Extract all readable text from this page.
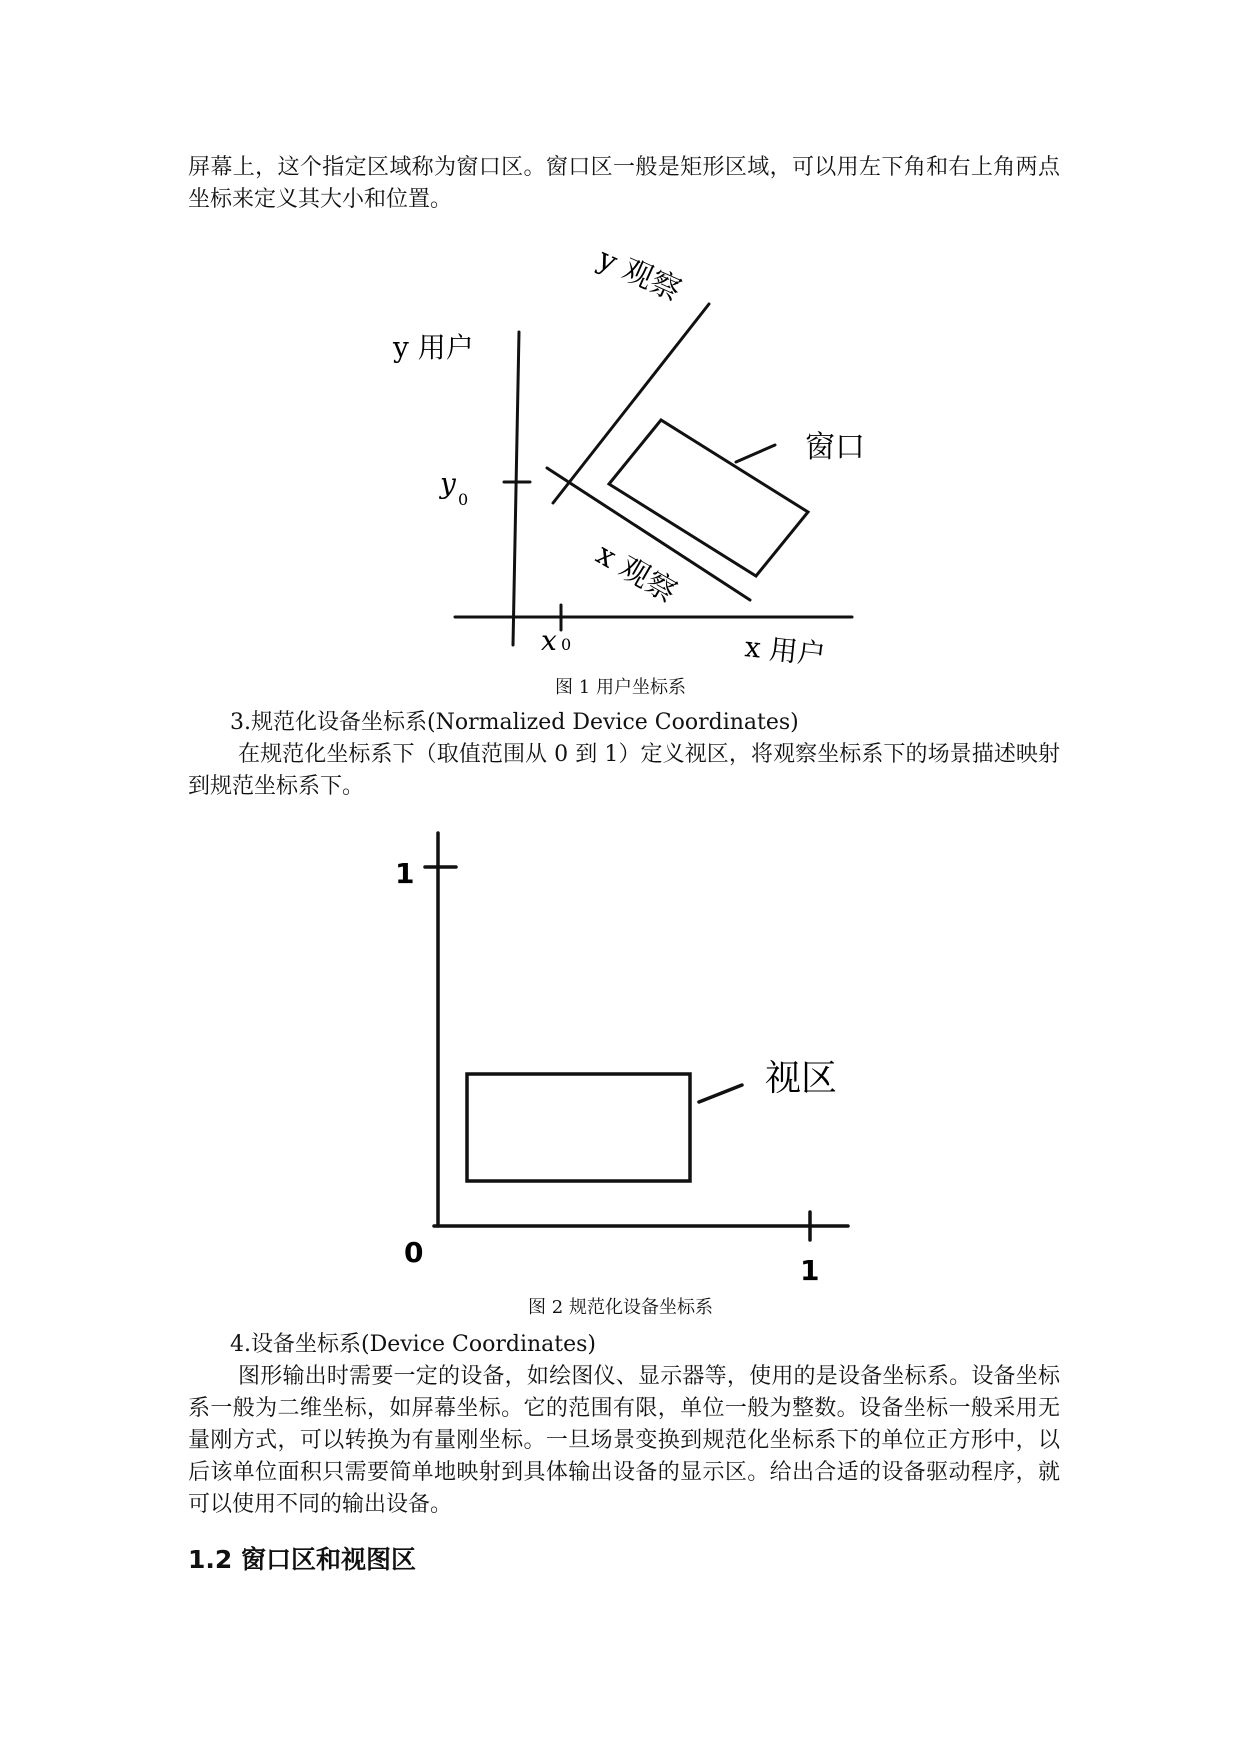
屏幕上，这个指定区域称为窗口区。窗口区一般是矩形区域，可以用左下角和右上角两点坐标来定义其大小和位置。

y 观察
y 用户
窗口
y 0
x 观察
x 0	x 用户
图 1 用户坐标系

3.规范化设备坐标系(Normalized Device Coordinates)

在规范化坐标系下（取值范围从 0 到 1）定义视区，将观察坐标系下的场景描述映射到规范坐标系下。

1
视区
0
1
图 2 规范化设备坐标系

4.设备坐标系(Device Coordinates)

图形输出时需要一定的设备，如绘图仪、显示器等，使用的是设备坐标系。设备坐标系一般为二维坐标，如屏幕坐标。它的范围有限，单位一般为整数。设备坐标一般采用无量刚方式，可以转换为有量刚坐标。一旦场景变换到规范化坐标系下的单位正方形中，以后该单位面积只需要简单地映射到具体输出设备的显示区。给出合适的设备驱动程序，就可以使用不同的输出设备。

1.2 窗口区和视图区
